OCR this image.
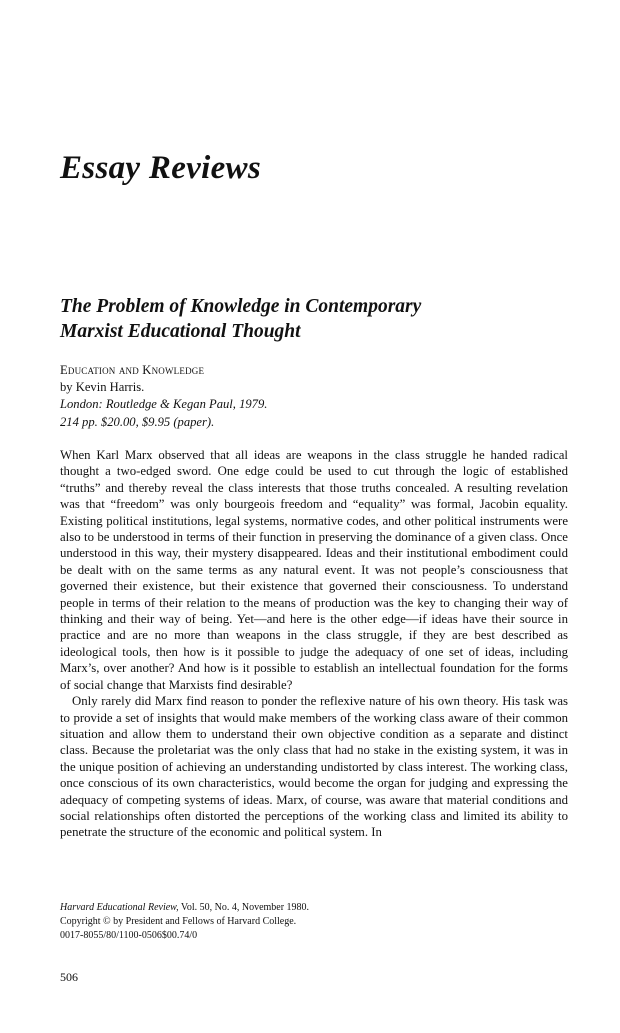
Essay Reviews
The Problem of Knowledge in Contemporary
Marxist Educational Thought
Education and Knowledge
by Kevin Harris.
London: Routledge & Kegan Paul, 1979.
214 pp. $20.00, $9.95 (paper).

When Karl Marx observed that all ideas are weapons in the class struggle he handed radical thought a two-edged sword. One edge could be used to cut through the logic of established “truths” and thereby reveal the class interests that those truths concealed. A resulting revelation was that “freedom” was only bourgeois freedom and “equality” was formal, Jacobin equality. Existing political institutions, legal systems, normative codes, and other political instruments were also to be understood in terms of their function in preserving the dominance of a given class. Once understood in this way, their mystery disappeared. Ideas and their institutional embodiment could be dealt with on the same terms as any natural event. It was not people’s consciousness that governed their existence, but their existence that governed their consciousness. To understand people in terms of their relation to the means of production was the key to changing their way of thinking and their way of being. Yet—and here is the other edge—if ideas have their source in practice and are no more than weapons in the class struggle, if they are best described as ideological tools, then how is it possible to judge the adequacy of one set of ideas, including Marx’s, over another? And how is it possible to establish an intellectual foundation for the forms of social change that Marxists find desirable?

Only rarely did Marx find reason to ponder the reflexive nature of his own theory. His task was to provide a set of insights that would make members of the working class aware of their common situation and allow them to understand their own objective condition as a separate and distinct class. Because the proletariat was the only class that had no stake in the existing system, it was in the unique position of achieving an understanding undistorted by class interest. The working class, once conscious of its own characteristics, would become the organ for judging and expressing the adequacy of competing systems of ideas. Marx, of course, was aware that material conditions and social relationships often distorted the perceptions of the working class and limited its ability to penetrate the structure of the economic and political system. In

Harvard Educational Review, Vol. 50, No. 4, November 1980.
Copyright © by President and Fellows of Harvard College.
0017-8055/80/1100-0506$00.74/0
506
